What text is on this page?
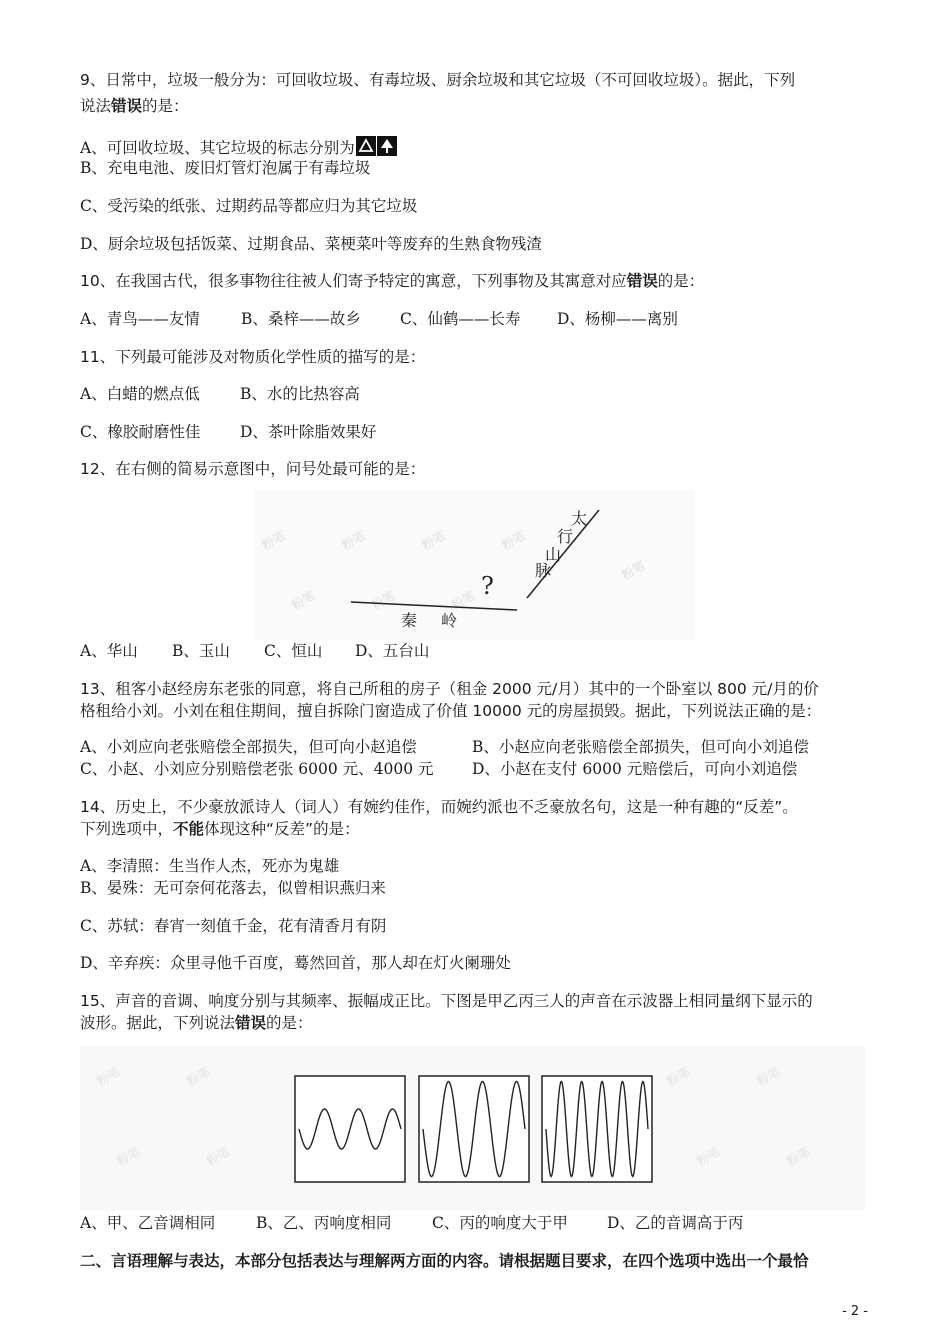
9、日常中，垃圾一般分为：可回收垃圾、有毒垃圾、厨余垃圾和其它垃圾（不可回收垃圾）。据此，下列
说法错误的是：
A、可回收垃圾、其它垃圾的标志分别为
B、充电电池、废旧灯管灯泡属于有毒垃圾
C、受污染的纸张、过期药品等都应归为其它垃圾
D、厨余垃圾包括饭菜、过期食品、菜梗菜叶等废弃的生熟食物残渣
10、在我国古代，很多事物往往被人们寄予特定的寓意，下列事物及其寓意对应错误的是：
A、青鸟——友情	B、桑梓——故乡	C、仙鹤——长寿 D、杨柳——离别
11、下列最可能涉及对物质化学性质的描写的是：
A、白蜡的燃点低	B、水的比热容高
C、橡胶耐磨性佳	D、茶叶除脂效果好
12、在右侧的简易示意图中，问号处最可能的是：
粉笔	粉笔	粉笔	粉笔
粉笔	粉笔	粉笔
粉笔
太
行
山
脉
秦 岭
?
A、华山 B、玉山 C、恒山 D、五台山
13、租客小赵经房东老张的同意，将自己所租的房子（租金 2000 元/月）其中的一个卧室以 800 元/月的价
格租给小刘。小刘在租住期间，擅自拆除门窗造成了价值 10000 元的房屋损毁。据此，下列说法正确的是：
A、小刘应向老张赔偿全部损失，但可向小赵追偿	B、小赵应向老张赔偿全部损失，但可向小刘追偿
C、小赵、小刘应分别赔偿老张 6000 元、4000 元 D、小赵在支付 6000 元赔偿后，可向小刘追偿
14、历史上，不少豪放派诗人（词人）有婉约佳作，而婉约派也不乏豪放名句，这是一种有趣的“反差”。
下列选项中，不能体现这种“反差”的是：
A、李清照：生当作人杰，死亦为鬼雄
B、晏殊：无可奈何花落去，似曾相识燕归来
C、苏轼：春宵一刻值千金，花有清香月有阴
D、辛弃疾：众里寻他千百度，蓦然回首，那人却在灯火阑珊处
15、声音的音调、响度分别与其频率、振幅成正比。下图是甲乙丙三人的声音在示波器上相同量纲下显示的
波形。据此，下列说法错误的是：
粉笔	粉笔
粉笔	粉笔
粉笔	粉笔
粉笔	粉笔
A、甲、乙音调相同	B、乙、丙响度相同	C、丙的响度大于甲	D、乙的音调高于丙
二、言语理解与表达，本部分包括表达与理解两方面的内容。请根据题目要求，在四个选项中选出一个最恰
- 2 -
